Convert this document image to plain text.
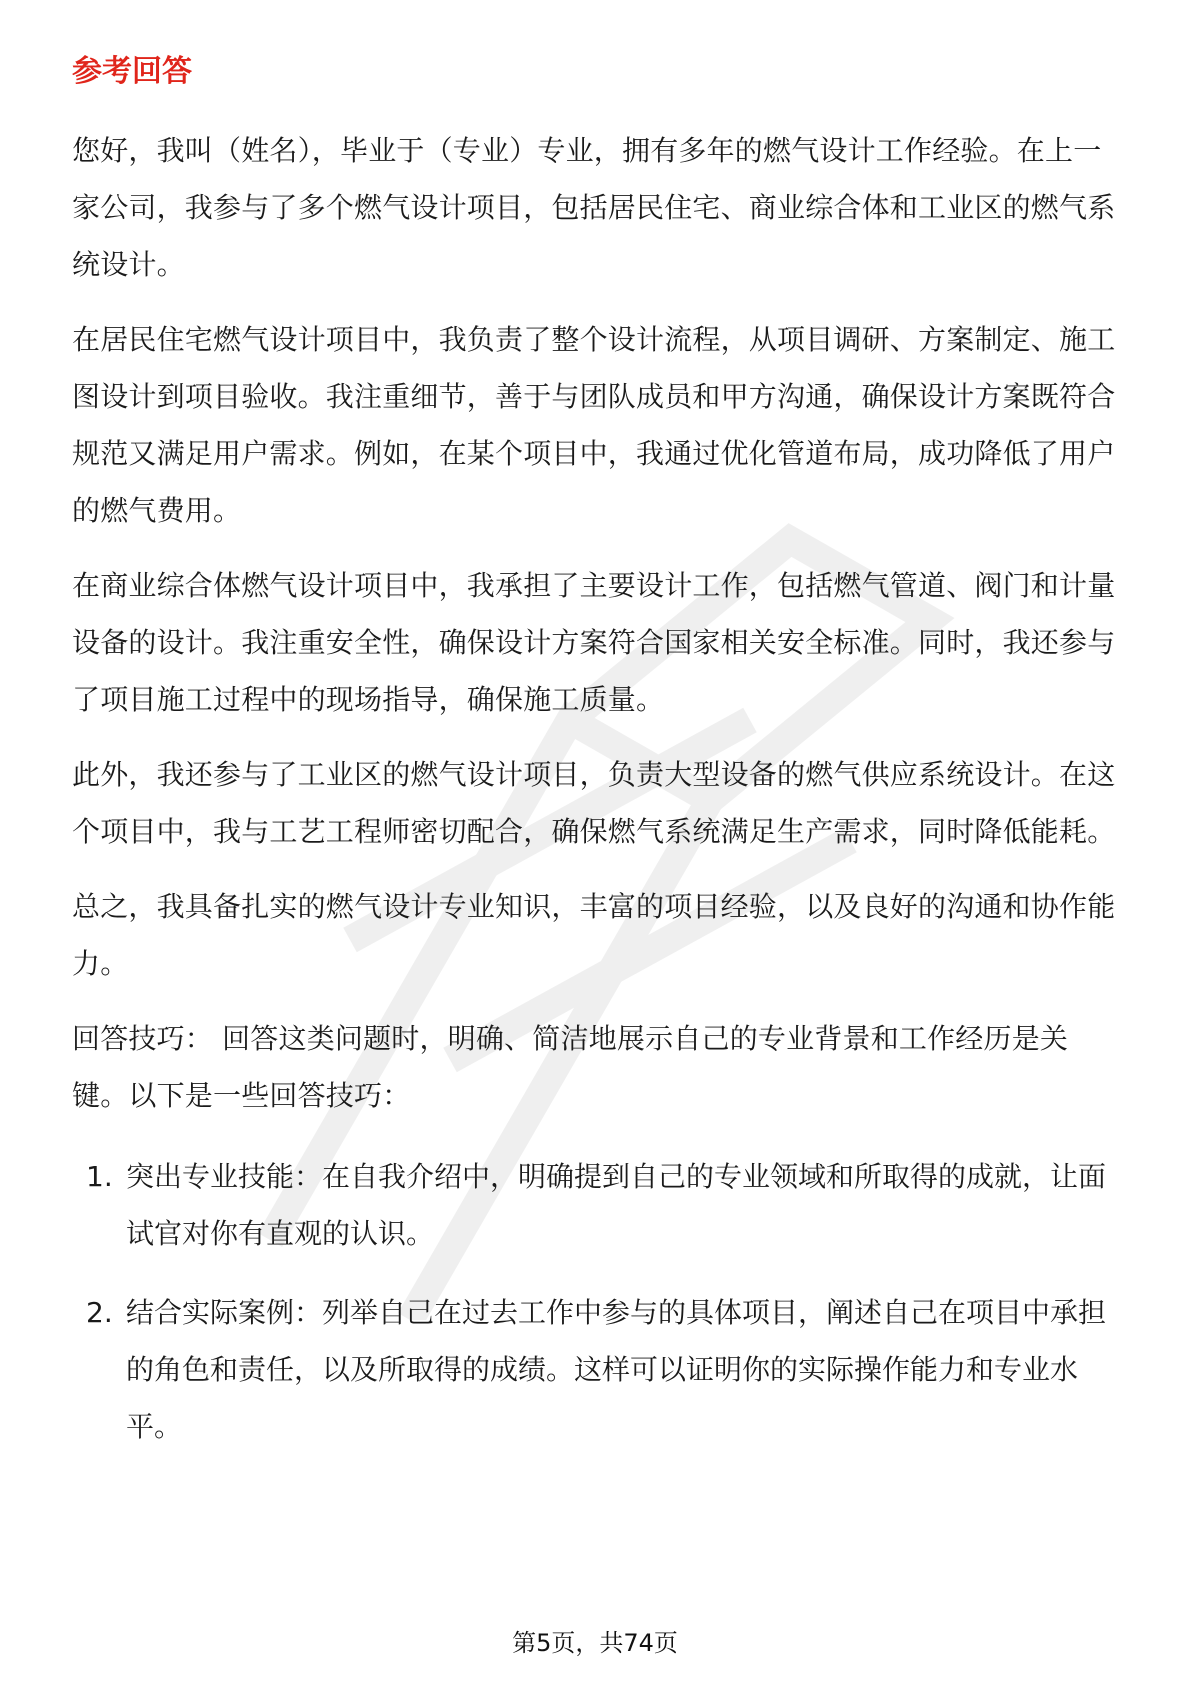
参考回答

您好，我叫（姓名），毕业于（专业）专业，拥有多年的燃气设计工作经验。在上一家公司，我参与了多个燃气设计项目，包括居民住宅、商业综合体和工业区的燃气系统设计。

在居民住宅燃气设计项目中，我负责了整个设计流程，从项目调研、方案制定、施工图设计到项目验收。我注重细节，善于与团队成员和甲方沟通，确保设计方案既符合规范又满足用户需求。例如，在某个项目中，我通过优化管道布局，成功降低了用户的燃气费用。

在商业综合体燃气设计项目中，我承担了主要设计工作，包括燃气管道、阀门和计量设备的设计。我注重安全性，确保设计方案符合国家相关安全标准。同时，我还参与了项目施工过程中的现场指导，确保施工质量。

此外，我还参与了工业区的燃气设计项目，负责大型设备的燃气供应系统设计。在这个项目中，我与工艺工程师密切配合，确保燃气系统满足生产需求，同时降低能耗。

总之，我具备扎实的燃气设计专业知识，丰富的项目经验，以及良好的沟通和协作能力。

回答技巧： 回答这类问题时，明确、简洁地展示自己的专业背景和工作经历是关键。以下是一些回答技巧：

1. 突出专业技能：在自我介绍中，明确提到自己的专业领域和所取得的成就，让面试官对你有直观的认识。
2. 结合实际案例：列举自己在过去工作中参与的具体项目，阐述自己在项目中承担的角色和责任，以及所取得的成绩。这样可以证明你的实际操作能力和专业水平。
第5页，共74页
